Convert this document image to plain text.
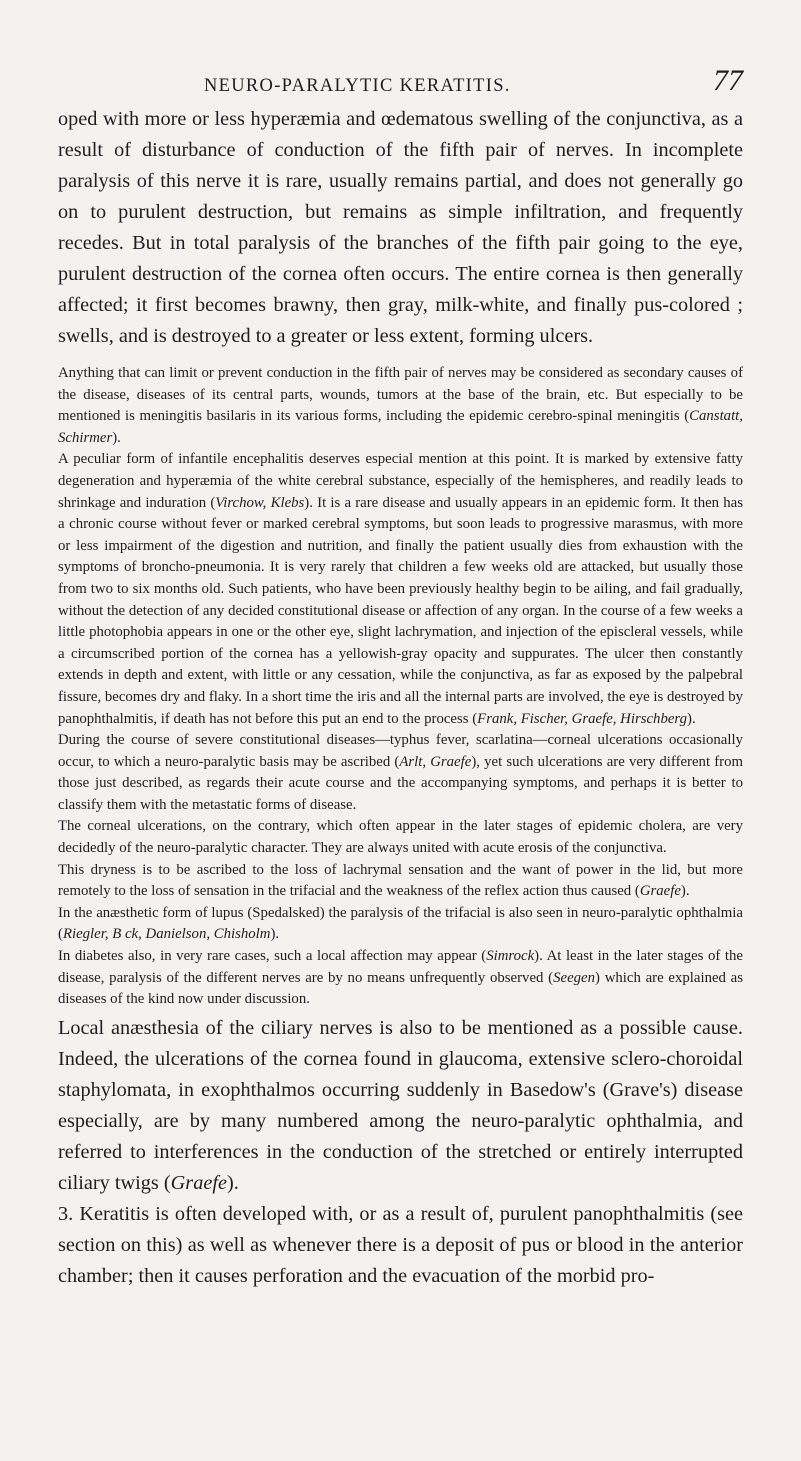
NEURO-PARALYTIC KERATITIS.	77

oped with more or less hyperæmia and œdematous swelling of the conjunctiva, as a result of disturbance of conduction of the fifth pair of nerves. In incomplete paralysis of this nerve it is rare, usually remains partial, and does not generally go on to purulent destruction, but remains as simple infiltration, and frequently recedes. But in total paralysis of the branches of the fifth pair going to the eye, purulent destruction of the cornea often occurs. The entire cornea is then generally affected; it first becomes brawny, then gray, milk-white, and finally pus-colored ; swells, and is destroyed to a greater or less extent, forming ulcers.

Anything that can limit or prevent conduction in the fifth pair of nerves may be considered as secondary causes of the disease, diseases of its central parts, wounds, tumors at the base of the brain, etc. But especially to be mentioned is meningitis basilaris in its various forms, including the epidemic cerebro-spinal meningitis (Canstatt, Schirmer).

A peculiar form of infantile encephalitis deserves especial mention at this point. It is marked by extensive fatty degeneration and hyperæmia of the white cerebral substance, especially of the hemispheres, and readily leads to shrinkage and induration (Virchow, Klebs). It is a rare disease and usually appears in an epidemic form. It then has a chronic course without fever or marked cerebral symptoms, but soon leads to progressive marasmus, with more or less impairment of the digestion and nutrition, and finally the patient usually dies from exhaustion with the symptoms of broncho-pneumonia. It is very rarely that children a few weeks old are attacked, but usually those from two to six months old. Such patients, who have been previously healthy begin to be ailing, and fail gradually, without the detection of any decided constitutional disease or affection of any organ. In the course of a few weeks a little photophobia appears in one or the other eye, slight lachrymation, and injection of the episcleral vessels, while a circumscribed portion of the cornea has a yellowish-gray opacity and suppurates. The ulcer then constantly extends in depth and extent, with little or any cessation, while the conjunctiva, as far as exposed by the palpebral fissure, becomes dry and flaky. In a short time the iris and all the internal parts are involved, the eye is destroyed by panophthalmitis, if death has not before this put an end to the process (Frank, Fischer, Graefe, Hirschberg).

During the course of severe constitutional diseases—typhus fever, scarlatina—corneal ulcerations occasionally occur, to which a neuro-paralytic basis may be ascribed (Arlt, Graefe), yet such ulcerations are very different from those just described, as regards their acute course and the accompanying symptoms, and perhaps it is better to classify them with the metastatic forms of disease.

The corneal ulcerations, on the contrary, which often appear in the later stages of epidemic cholera, are very decidedly of the neuro-paralytic character. They are always united with acute erosis of the conjunctiva.

This dryness is to be ascribed to the loss of lachrymal sensation and the want of power in the lid, but more remotely to the loss of sensation in the trifacial and the weakness of the reflex action thus caused (Graefe).

In the anæsthetic form of lupus (Spedalsked) the paralysis of the trifacial is also seen in neuro-paralytic ophthalmia (Riegler, B ck, Danielson, Chisholm).

In diabetes also, in very rare cases, such a local affection may appear (Simrock). At least in the later stages of the disease, paralysis of the different nerves are by no means unfrequently observed (Seegen) which are explained as diseases of the kind now under discussion.

Local anæsthesia of the ciliary nerves is also to be mentioned as a possible cause. Indeed, the ulcerations of the cornea found in glaucoma, extensive sclero-choroidal staphylomata, in exophthalmos occurring suddenly in Basedow's (Grave's) disease especially, are by many numbered among the neuro-paralytic ophthalmia, and referred to interferences in the conduction of the stretched or entirely interrupted ciliary twigs (Graefe).

3. Keratitis is often developed with, or as a result of, purulent panophthalmitis (see section on this) as well as whenever there is a deposit of pus or blood in the anterior chamber; then it causes perforation and the evacuation of the morbid pro-
